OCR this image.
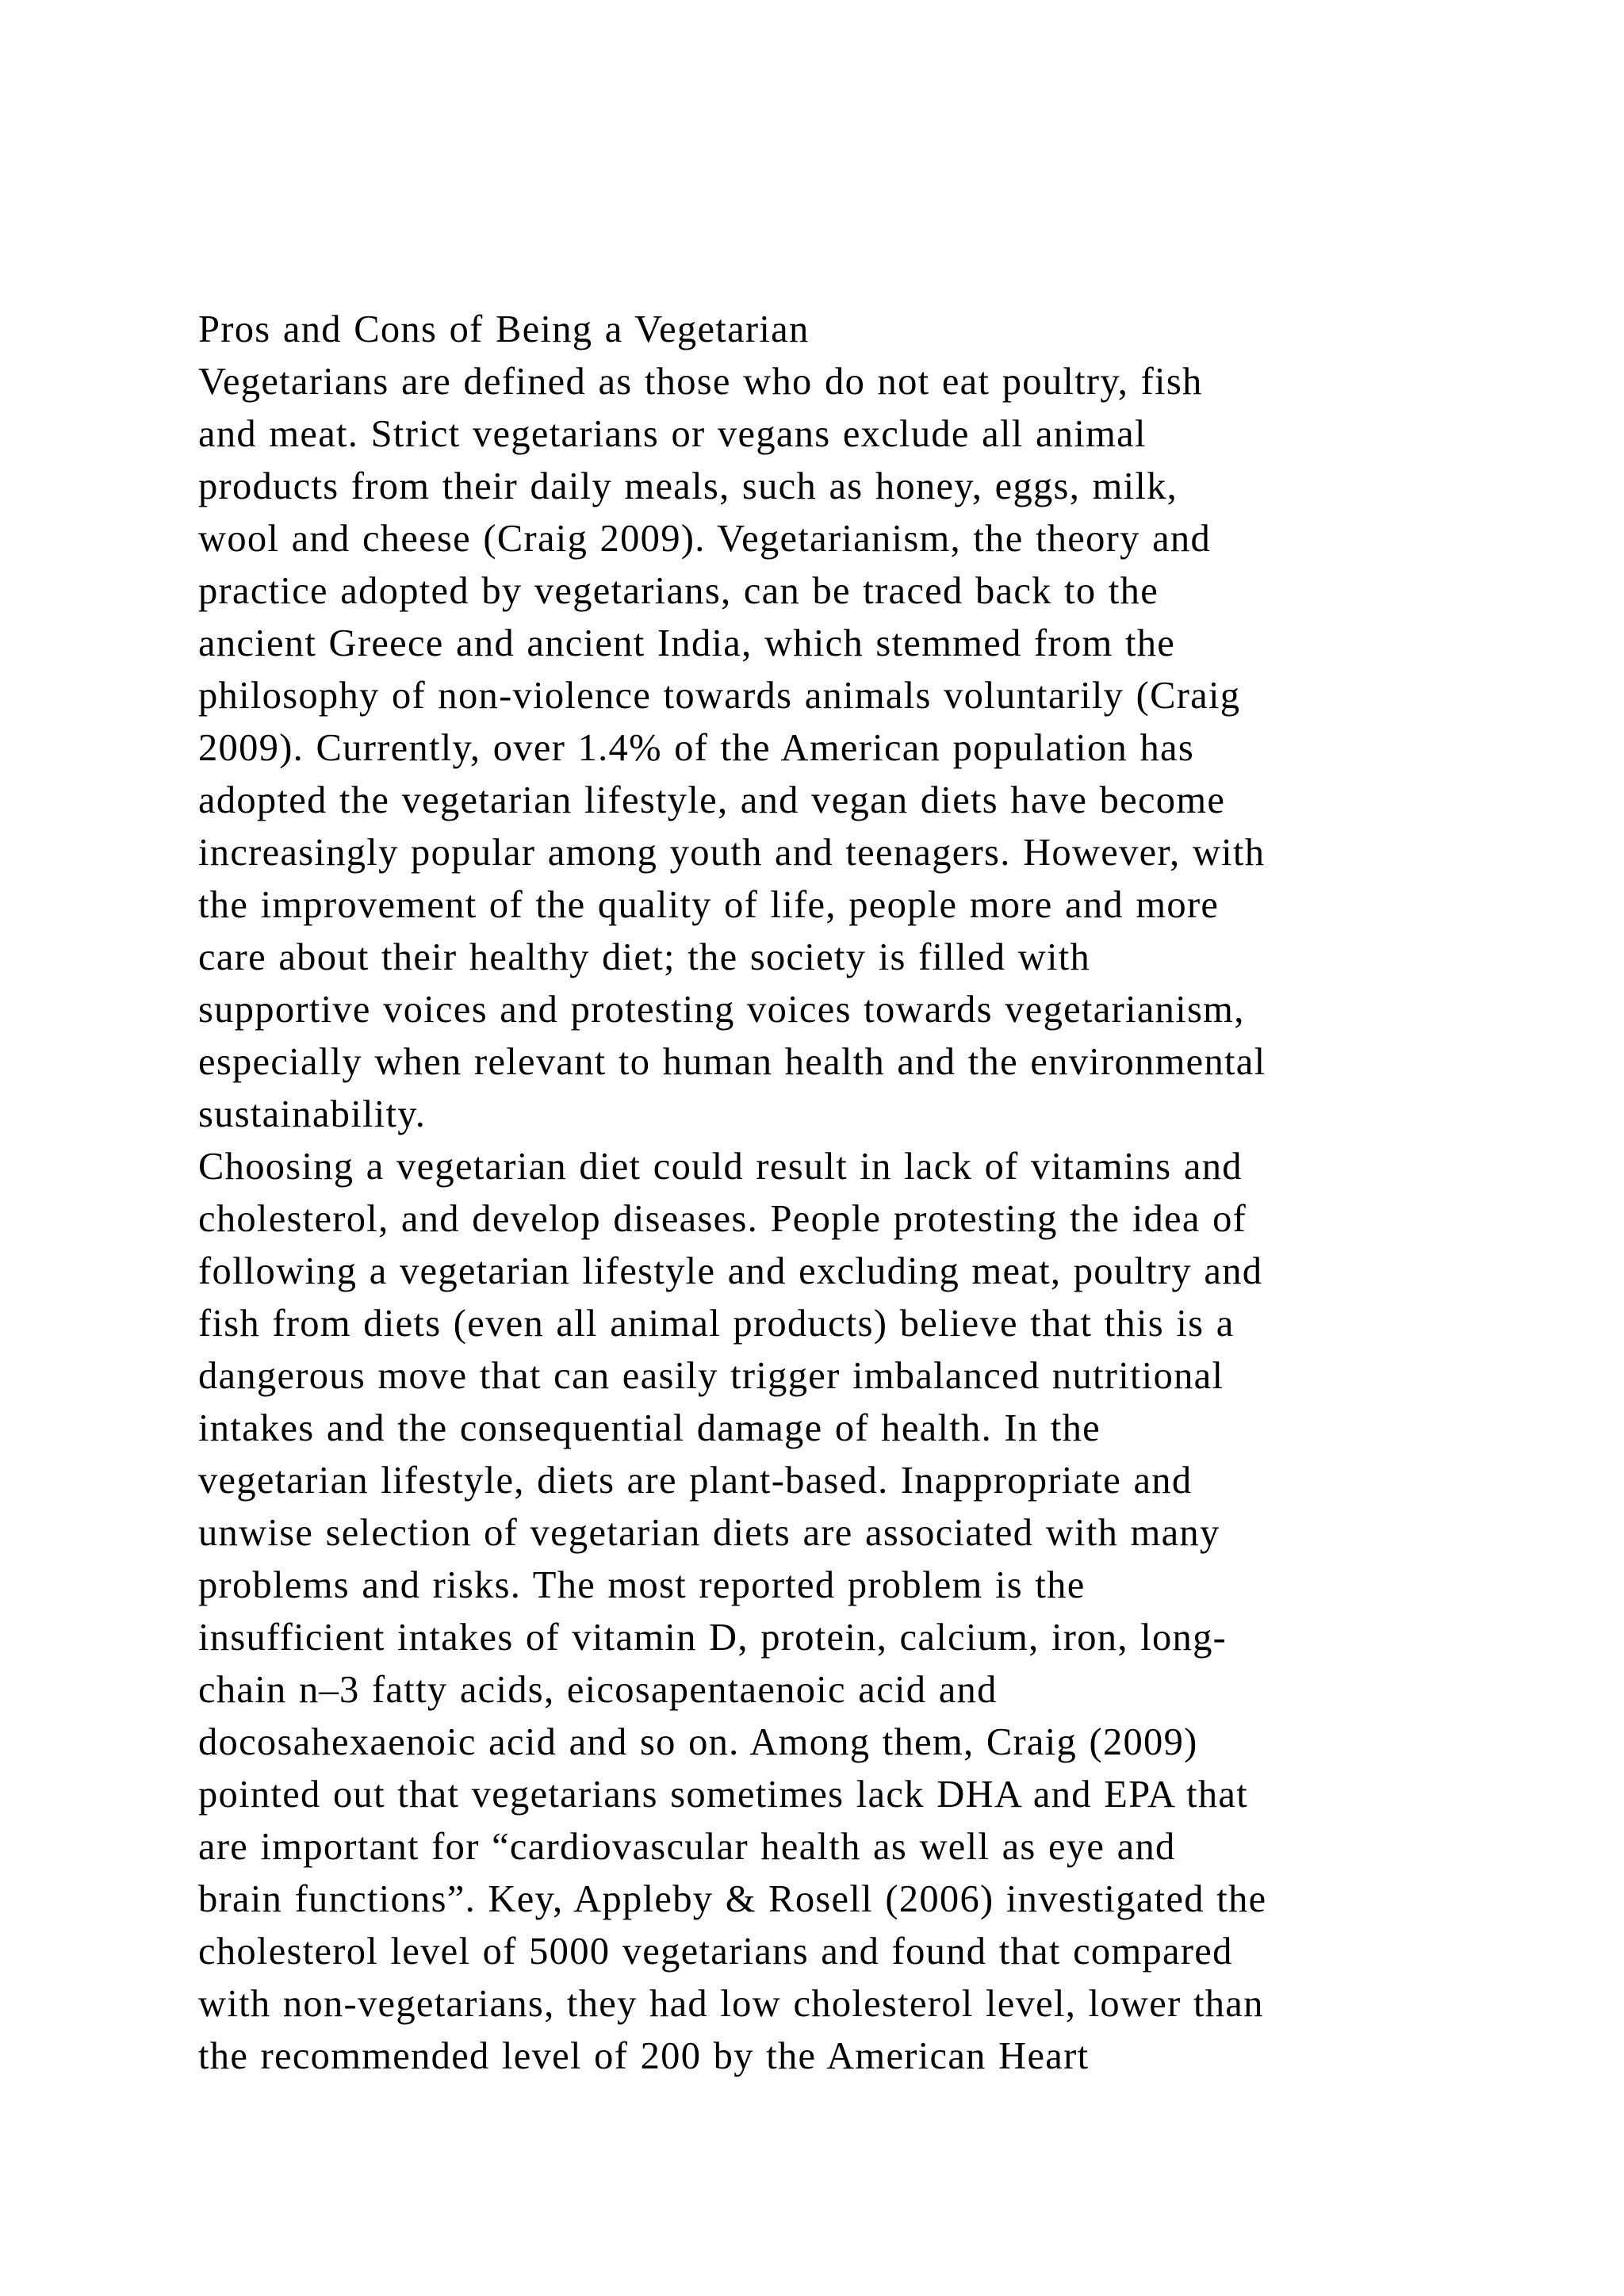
Pros and Cons of Being a Vegetarian
Vegetarians are defined as those who do not eat poultry, fish
and meat. Strict vegetarians or vegans exclude all animal
products from their daily meals, such as honey, eggs, milk,
wool and cheese (Craig 2009). Vegetarianism, the theory and
practice adopted by vegetarians, can be traced back to the
ancient Greece and ancient India, which stemmed from the
philosophy of non-violence towards animals voluntarily (Craig
2009). Currently, over 1.4% of the American population has
adopted the vegetarian lifestyle, and vegan diets have become
increasingly popular among youth and teenagers. However, with
the improvement of the quality of life, people more and more
care about their healthy diet; the society is filled with
supportive voices and protesting voices towards vegetarianism,
especially when relevant to human health and the environmental
sustainability.
Choosing a vegetarian diet could result in lack of vitamins and
cholesterol, and develop diseases. People protesting the idea of
following a vegetarian lifestyle and excluding meat, poultry and
fish from diets (even all animal products) believe that this is a
dangerous move that can easily trigger imbalanced nutritional
intakes and the consequential damage of health. In the
vegetarian lifestyle, diets are plant-based. Inappropriate and
unwise selection of vegetarian diets are associated with many
problems and risks. The most reported problem is the
insufficient intakes of vitamin D, protein, calcium, iron, long-
chain n–3 fatty acids, eicosapentaenoic acid and
docosahexaenoic acid and so on. Among them, Craig (2009)
pointed out that vegetarians sometimes lack DHA and EPA that
are important for “cardiovascular health as well as eye and
brain functions”. Key, Appleby & Rosell (2006) investigated the
cholesterol level of 5000 vegetarians and found that compared
with non-vegetarians, they had low cholesterol level, lower than
the recommended level of 200 by the American Heart
